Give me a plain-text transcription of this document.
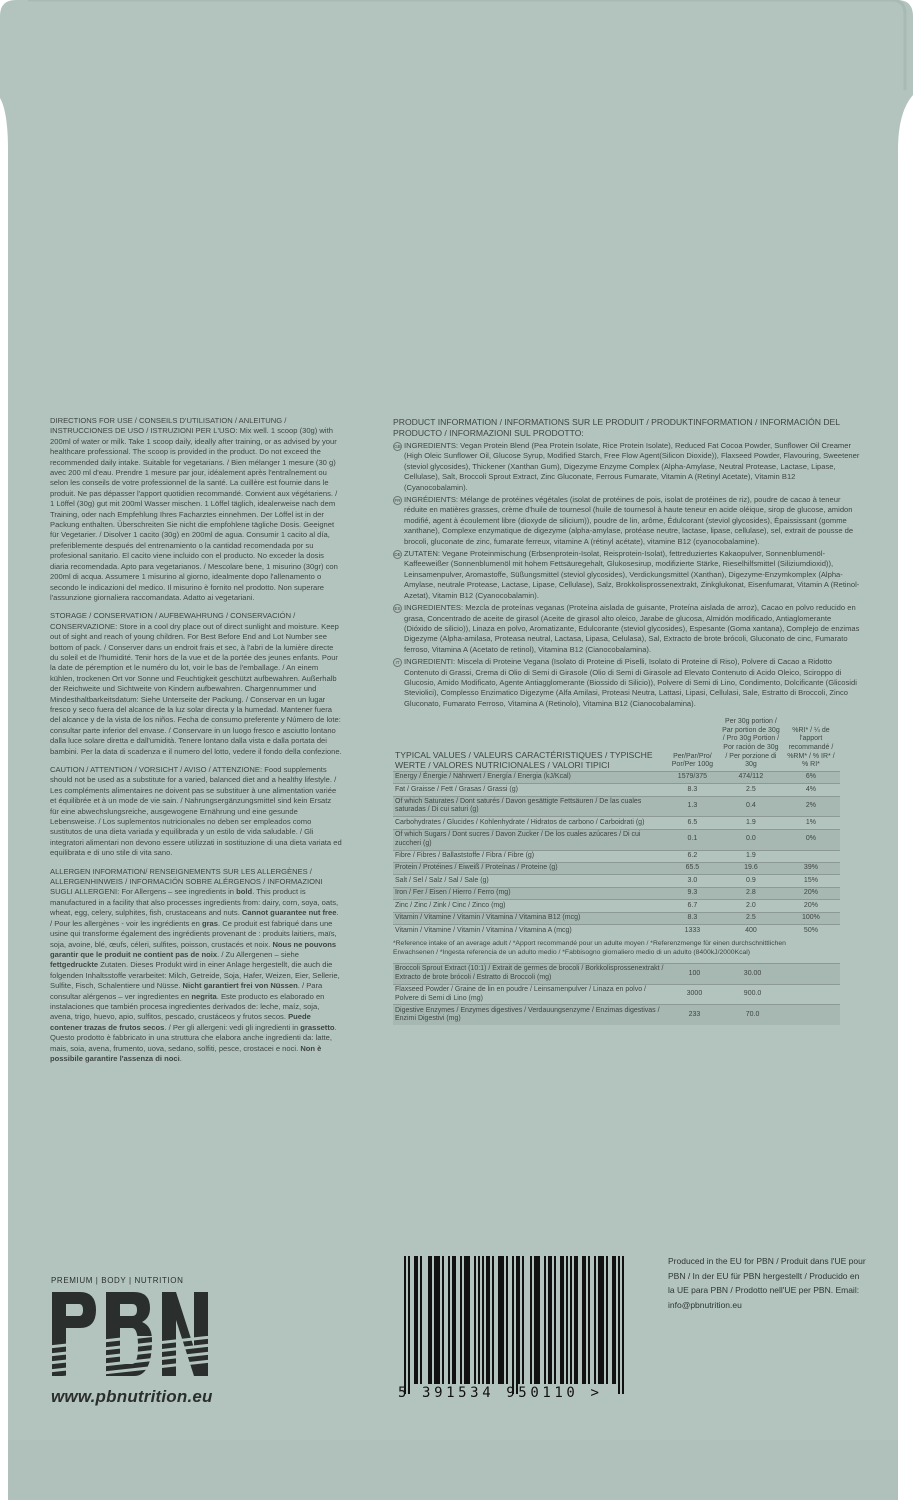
DIRECTIONS FOR USE / CONSEILS D'UTILISATION / ANLEITUNG / INSTRUCCIONES DE USO / ISTRUZIONI PER L'USO: Mix well. 1 scoop (30g) with 200ml of water or milk. Take 1 scoop daily, ideally after training, or as advised by your healthcare professional. The scoop is provided in the product. Do not exceed the recommended daily intake. Suitable for vegetarians. / Bien mélanger 1 mesure (30 g) avec 200 ml d'eau. Prendre 1 mesure par jour, idéalement après l'entraînement ou selon les conseils de votre professionnel de la santé. La cuillère est fournie dans le produit. Ne pas dépasser l'apport quotidien recommandé. Convient aux végétariens. / 1 Löffel (30g) gut mit 200ml Wasser mischen. 1 Löffel täglich, idealerweise nach dem Training, oder nach Empfehlung Ihres Facharztes einnehmen. Der Löffel ist in der Packung enthalten. Überschreiten Sie nicht die empfohlene tägliche Dosis. Geeignet für Vegetarier. / Disolver 1 cacito (30g) en 200ml de agua. Consumir 1 cacito al día, preferiblemente después del entrenamiento o la cantidad recomendada por su profesional sanitario. El cacito viene incluido con el producto. No exceder la dosis diaria recomendada. Apto para vegetarianos. / Mescolare bene, 1 misurino (30gr) con 200ml di acqua. Assumere 1 misurino al giorno, idealmente dopo l'allenamento o secondo le indicazioni del medico. Il misurino è fornito nel prodotto. Non superare l'assunzione giornaliera raccomandata. Adatto ai vegetariani.

STORAGE / CONSERVATION / AUFBEWAHRUNG / CONSERVACIÓN / CONSERVAZIONE: Store in a cool dry place out of direct sunlight and moisture. Keep out of sight and reach of young children. For Best Before End and Lot Number see bottom of pack. / Conserver dans un endroit frais et sec, à l'abri de la lumière directe du soleil et de l'humidité. Tenir hors de la vue et de la portée des jeunes enfants. Pour la date de péremption et le numéro du lot, voir le bas de l'emballage. / An einem kühlen, trockenen Ort vor Sonne und Feuchtigkeit geschützt aufbewahren. Außerhalb der Reichweite und Sichtweite von Kindern aufbewahren. Chargennummer und Mindesthaltbarkeitsdatum: Siehe Unterseite der Packung. / Conservar en un lugar fresco y seco fuera del alcance de la luz solar directa y la humedad. Mantener fuera del alcance y de la vista de los niños. Fecha de consumo preferente y Número de lote: consultar parte inferior del envase. / Conservare in un luogo fresco e asciutto lontano dalla luce solare diretta e dall'umidità. Tenere lontano dalla vista e dalla portata dei bambini. Per la data di scadenza e il numero del lotto, vedere il fondo della confezione.

CAUTION / ATTENTION / VORSICHT / AVISO / ATTENZIONE: Food supplements should not be used as a substitute for a varied, balanced diet and a healthy lifestyle. / Les compléments alimentaires ne doivent pas se substituer à une alimentation variée et équilibrée et à un mode de vie sain. / Nahrungsergänzungsmittel sind kein Ersatz für eine abwechslungsreiche, ausgewogene Ernährung und eine gesunde Lebensweise. / Los suplementos nutricionales no deben ser empleados como sustitutos de una dieta variada y equilibrada y un estilo de vida saludable. / Gli integratori alimentari non devono essere utilizzati in sostituzione di una dieta variata ed equilibrata e di uno stile di vita sano.

ALLERGEN INFORMATION/ RENSEIGNEMENTS SUR LES ALLERGÈNES / ALLERGENHINWEIS / INFORMACIÓN SOBRE ALÉRGENOS / INFORMAZIONI SUGLI ALLERGENI: For Allergens – see ingredients in bold. This product is manufactured in a facility that also processes ingredients from: dairy, corn, soya, oats, wheat, egg, celery, sulphites, fish, crustaceans and nuts. Cannot guarantee nut free. / Pour les allergènes - voir les ingrédients en gras. Ce produit est fabriqué dans une usine qui transforme également des ingrédients provenant de : produits laitiers, maïs, soja, avoine, blé, œufs, céleri, sulfites, poisson, crustacés et noix. Nous ne pouvons garantir que le produit ne contient pas de noix. / Zu Allergenen – siehe fettgedruckte Zutaten. Dieses Produkt wird in einer Anlage hergestellt, die auch die folgenden Inhaltsstoffe verarbeitet: Milch, Getreide, Soja, Hafer, Weizen, Eier, Sellerie, Sulfite, Fisch, Schalentiere und Nüsse. Nicht garantiert frei von Nüssen. / Para consultar alérgenos – ver ingredientes en negrita. Este producto es elaborado en instalaciones que también procesa ingredientes derivados de: leche, maíz, soja, avena, trigo, huevo, apio, sulfitos, pescado, crustáceos y frutos secos. Puede contener trazas de frutos secos. / Per gli allergeni: vedi gli ingredienti in grassetto. Questo prodotto è fabbricato in una struttura che elabora anche ingredienti da: latte, mais, soia, avena, frumento, uova, sedano, solfiti, pesce, crostacei e noci. Non è possibile garantire l'assenza di noci.

PRODUCT INFORMATION / INFORMATIONS SUR LE PRODUIT / PRODUKTINFORMATION / INFORMACIÓN DEL PRODUCTO / INFORMAZIONI SUL PRODOTTO:
GB INGREDIENTS: Vegan Protein Blend (Pea Protein Isolate, Rice Protein Isolate), Reduced Fat Cocoa Powder, Sunflower Oil Creamer (High Oleic Sunflower Oil, Glucose Syrup, Modified Starch, Free Flow Agent(Silicon Dioxide)), Flaxseed Powder, Flavouring, Sweetener (steviol glycosides), Thickener (Xanthan Gum), Digezyme Enzyme Complex (Alpha-Amylase, Neutral Protease, Lactase, Lipase, Cellulase), Salt, Broccoli Sprout Extract, Zinc Gluconate, Ferrous Fumarate, Vitamin A (Retinyl Acetate), Vitamin B12 (Cyanocobalamin).
FR INGRÉDIENTS: Mélange de protéines végétales (isolat de protéines de pois, isolat de protéines de riz), poudre de cacao à teneur réduite en matières grasses, crème d'huile de tournesol (huile de tournesol à haute teneur en acide oléique, sirop de glucose, amidon modifié, agent à écoulement libre (dioxyde de silicium)), poudre de lin, arôme, Édulcorant (steviol glycosides), Épaississant (gomme xanthane), Complexe enzymatique de digezyme (alpha-amylase, protéase neutre, lactase, lipase, cellulase), sel, extrait de pousse de brocoli, gluconate de zinc, fumarate ferreux, vitamine A (rétinyl acétate), vitamine B12 (cyanocobalamine).
DE ZUTATEN: Vegane Proteinmischung (Erbsenprotein-Isolat, Reisprotein-Isolat), fettreduziertes Kakaopulver, Sonnenblumenöl-Kaffeeweißer (Sonnenblumenöl mit hohem Fettsäuregehalt, Glukosesirup, modifizierte Stärke, Rieselhilfsmittel (Siliziumdioxid)), Leinsamenpulver, Aromastoffe, Süßungsmittel (steviol glycosides), Verdickungsmittel (Xanthan), Digezyme-Enzymkomplex (Alpha-Amylase, neutrale Protease, Lactase, Lipase, Cellulase), Salz, Brokkolisprossenextrakt, Zinkglukonat, Eisenfumarat, Vitamin A (Retinol-Azetat), Vitamin B12 (Cyanocobalamin).
ES INGREDIENTES: Mezcla de proteínas veganas (Proteína aislada de guisante, Proteína aislada de arroz), Cacao en polvo reducido en grasa, Concentrado de aceite de girasol (Aceite de girasol alto oleico, Jarabe de glucosa, Almidón modificado, Antiaglomerante (Dióxido de silicio)), Linaza en polvo, Aromatizante, Edulcorante (steviol glycosides), Espesante (Goma xantana), Complejo de enzimas Digezyme (Alpha-amilasa, Proteasa neutral, Lactasa, Lipasa, Celulasa), Sal, Extracto de brote brócoli, Gluconato de cinc, Fumarato ferroso, Vitamina A (Acetato de retinol), Vitamina B12 (Cianocobalamina).
IT INGREDIENTI: Miscela di Proteine Vegana (Isolato di Proteine di Piselli, Isolato di Proteine di Riso), Polvere di Cacao a Ridotto Contenuto di Grassi, Crema di Olio di Semi di Girasole (Olio di Semi di Girasole ad Elevato Contenuto di Acido Oleico, Sciroppo di Glucosio, Amido Modificato, Agente Antiagglomerante (Biossido di Silicio)), Polvere di Semi di Lino, Condimento, Dolcificante (Glicosidi Steviolici), Complesso Enzimatico Digezyme (Alfa Amilasi, Proteasi Neutra, Lattasi, Lipasi, Cellulasi, Sale, Estratto di Broccoli, Zinco Gluconato, Fumarato Ferroso, Vitamina A (Retinolo), Vitamina B12 (Cianocobalamina).
TYPICAL VALUES / VALEURS CARACTÉRISTIQUES / TYPISCHE WERTE / VALORES NUTRICIONALES / VALORI TIPICI	Per/Par/Pro/ Por/Per 100g	Per 30g portion / Par portion de 30g / Pro 30g Portion / Por ración de 30g / Per porzione di 30g	%RI* / ¼ de l'apport recommandé / %RM* / % IR* / % RI*
Energy / Énergie / Nährwert / Energía / Energia (kJ/Kcal)	1579/375	474/112	6%
Fat / Graisse / Fett / Grasas / Grassi (g)	8.3	2.5	4%
Of which Saturates / Dont saturés / Davon gesättigte Fettsäuren / De las cuales saturadas / Di cui saturi (g)	1.3	0.4	2%
Carbohydrates / Glucides / Kohlenhydrate / Hidratos de carbono / Carboidrati (g)	6.5	1.9	1%
Of which Sugars / Dont sucres / Davon Zucker / De los cuales azúcares / Di cui zuccheri (g)	0.1	0.0	0%
Fibre / Fibres / Ballaststoffe / Fibra / Fibre (g)	6.2	1.9	
Protein / Protéines / Eiweiß / Proteínas / Proteine (g)	65.5	19.6	39%
Salt / Sel / Salz / Sal / Sale (g)	3.0	0.9	15%
Iron / Fer / Eisen / Hierro / Ferro (mg)	9.3	2.8	20%
Zinc / Zinc / Zink / Cinc / Zinco (mg)	6.7	2.0	20%
Vitamin / Vitamine / Vitamin / Vitamina / Vitamina B12 (mcg)	8.3	2.5	100%
Vitamin / Vitamine / Vitamin / Vitamina / Vitamina A (mcg)	1333	400	50%
*Reference intake of an average adult / *Apport recommandé pour un adulte moyen / *Referenzmenge für einen durchschnittlichen Erwachsenen / *Ingesta referencia de un adulto medio / *Fabbisogno giornaliero medio di un adulto (8400kJ/2000Kcal)
Broccoli Sprout Extract (10:1) / Extrait de germes de brocoli / Borkkolisprossenextrakt / Extracto de brote brócoli / Estratto di Broccoli (mg)	100	30.00	
Flaxseed Powder / Graine de lin en poudre / Leinsamenpulver / Linaza en polvo / Polvere di Semi di Lino (mg)	3000	900.0	
Digestive Enzymes / Enzymes digestives / Verdauungsenzyme / Enzimas digestivas / Enzimi Digestivi (mg)	233	70.0	
PREMIUM | BODY | NUTRITION
www.pbnutrition.eu	5 391534 950110 >
Produced in the EU for PBN / Produit dans l'UE pour PBN / In der EU für PBN hergestellt / Producido en la UE para PBN / Prodotto nell'UE per PBN. Email: info@pbnutrition.eu
